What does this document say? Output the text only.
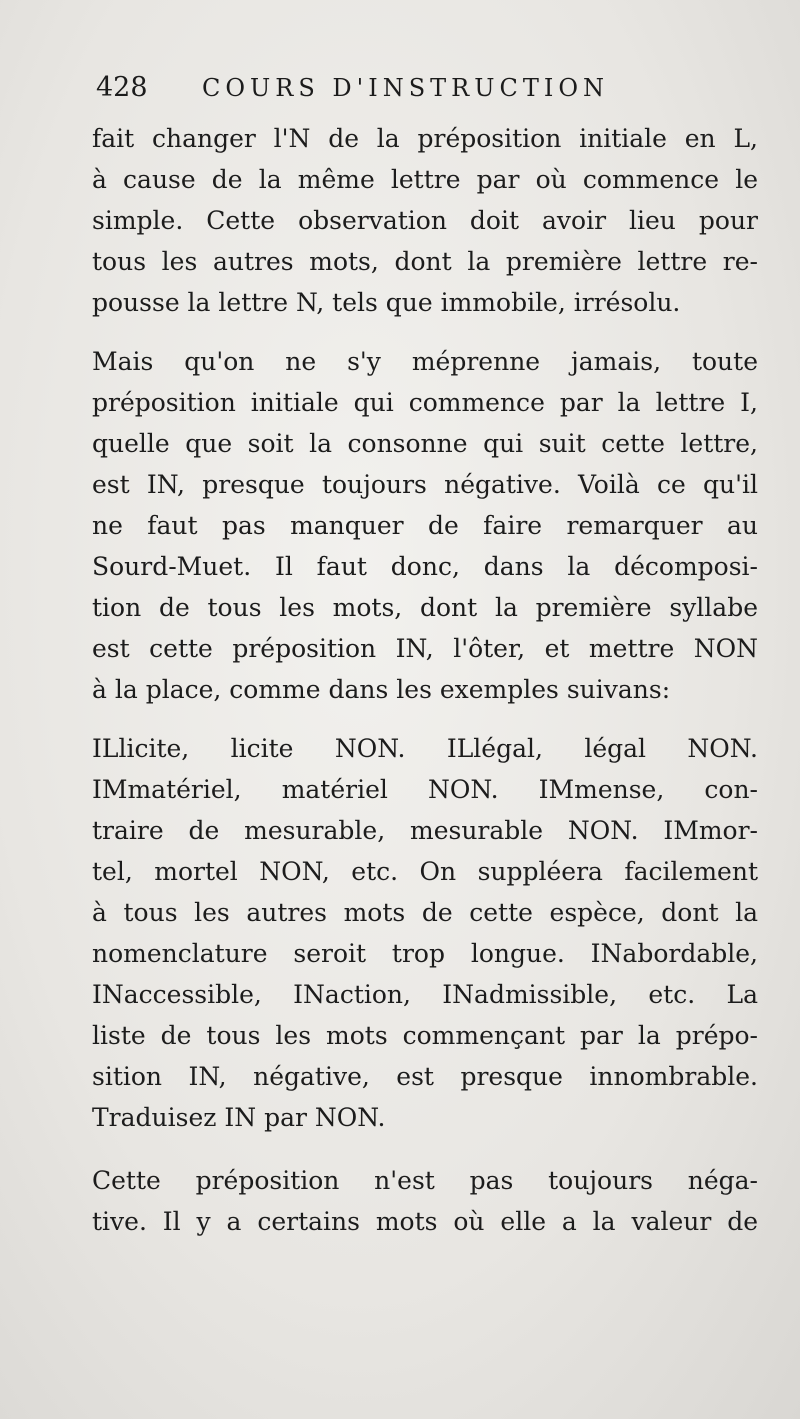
428 COURS D'INSTRUCTION
fait changer l'N de la préposition initiale en L,
à cause de la même lettre par où commence le
simple. Cette observation doit avoir lieu pour
tous les autres mots, dont la première lettre re-
pousse la lettre N, tels que immobile, irrésolu.
Mais qu'on ne s'y méprenne jamais, toute
préposition initiale qui commence par la lettre I,
quelle que soit la consonne qui suit cette lettre,
est IN, presque toujours négative. Voilà ce qu'il
ne faut pas manquer de faire remarquer au
Sourd-Muet. Il faut donc, dans la décomposi-
tion de tous les mots, dont la première syllabe
est cette préposition IN, l'ôter, et mettre NON
à la place, comme dans les exemples suivans:
ILlicite, licite NON. ILlégal, légal NON.
IMmatériel, matériel NON. IMmense, con-
traire de mesurable, mesurable NON. IMmor-
tel, mortel NON, etc. On suppléera facilement
à tous les autres mots de cette espèce, dont la
nomenclature seroit trop longue. INabordable,
INaccessible, INaction, INadmissible, etc. La
liste de tous les mots commençant par la prépo-
sition IN, négative, est presque innombrable.
Traduisez IN par NON.
Cette préposition n'est pas toujours néga-
tive. Il y a certains mots où elle a la valeur de
